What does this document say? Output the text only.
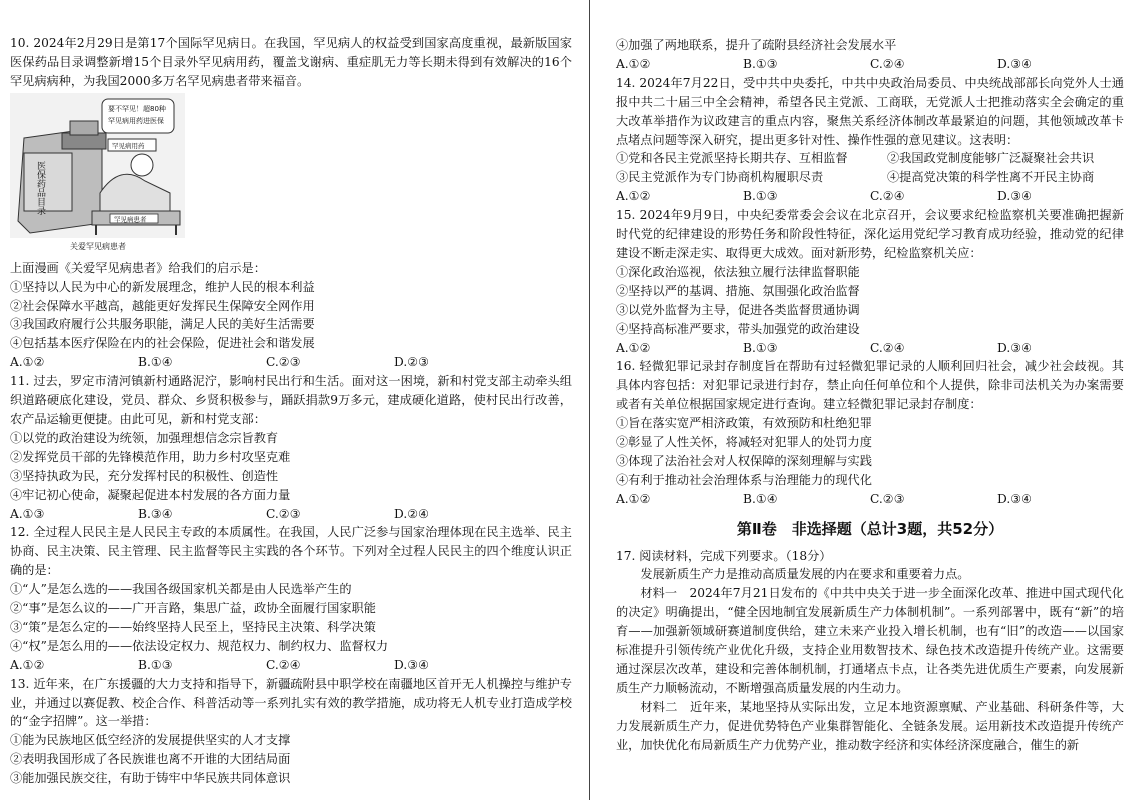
10. 2024年2月29日是第17个国际罕见病日。在我国，罕见病人的权益受到国家高度重视，最新版国家医保药品目录调整新增15个目录外罕见病用药，覆盖戈谢病、重症肌无力等长期未得到有效解决的16个罕见病病种，为我国2000多万名罕见病患者带来福音。

要不罕见！超80种
罕见病用药进医保
医保药品目录
罕见病用药
罕见病患者
关爱罕见病患者

上面漫画《关爱罕见病患者》给我们的启示是：

①坚持以人民为中心的新发展理念，维护人民的根本利益

②社会保障水平越高，越能更好发挥民生保障安全网作用

③我国政府履行公共服务职能，满足人民的美好生活需要

④包括基本医疗保险在内的社会保险，促进社会和谐发展

A.①②	B.①④	C.②③	D.②③

11. 过去，罗定市清河镇新村通路泥泞，影响村民出行和生活。面对这一困境，新和村党支部主动牵头组织道路硬底化建设，党员、群众、乡贤积极参与，踊跃捐款9万多元，建成硬化道路，使村民出行改善，农产品运输更便捷。由此可见，新和村党支部：

①以党的政治建设为统领，加强理想信念宗旨教育

②发挥党员干部的先锋模范作用，助力乡村攻坚克难

③坚持执政为民，充分发挥村民的积极性、创造性

④牢记初心使命，凝聚起促进本村发展的各方面力量

A.①③	B.③④	C.②③	D.②④

12. 全过程人民民主是人民民主专政的本质属性。在我国，人民广泛参与国家治理体现在民主选举、民主协商、民主决策、民主管理、民主监督等民主实践的各个环节。下列对全过程人民民主的四个维度认识正确的是：

①“人”是怎么选的——我国各级国家机关都是由人民选举产生的

②“事”是怎么议的——广开言路，集思广益，政协全面履行国家职能

③“策”是怎么定的——始终坚持人民至上，坚持民主决策、科学决策

④“权”是怎么用的——依法设定权力、规范权力、制约权力、监督权力

A.①②	B.①③	C.②④	D.③④

13. 近年来，在广东援疆的大力支持和指导下，新疆疏附县中职学校在南疆地区首开无人机操控与维护专业，并通过以赛促教、校企合作、科普活动等一系列扎实有效的教学措施，成功将无人机专业打造成学校的“金字招牌”。这一举措：

①能为民族地区低空经济的发展提供坚实的人才支撑

②表明我国形成了各民族谁也离不开谁的大团结局面

③能加强民族交往，有助于铸牢中华民族共同体意识

④加强了两地联系，提升了疏附县经济社会发展水平

A.①②	B.①③	C.②④	D.③④

14. 2024年7月22日，受中共中央委托，中共中央政治局委员、中央统战部部长向党外人士通报中共二十届三中全会精神，希望各民主党派、工商联，无党派人士把推动落实全会确定的重大改革举措作为议政建言的重点内容，聚焦关系经济体制改革最紧迫的问题，其他领域改革卡点堵点问题等深入研究，提出更多针对性、操作性强的意见建议。这表明：

①党和各民主党派坚持长期共存、互相监督	②我国政党制度能够广泛凝聚社会共识
③民主党派作为专门协商机构履职尽责	④提高党决策的科学性离不开民主协商
A.①②	B.①③	C.②④	D.③④

15. 2024年9月9日，中央纪委常委会会议在北京召开，会议要求纪检监察机关要准确把握新时代党的纪律建设的形势任务和阶段性特征，深化运用党纪学习教育成功经验，推动党的纪律建设不断走深走实、取得更大成效。面对新形势，纪检监察机关应：

①深化政治巡视，依法独立履行法律监督职能

②坚持以严的基调、措施、氛围强化政治监督

③以党外监督为主导，促进各类监督贯通协调

④坚持高标准严要求，带头加强党的政治建设

A.①②	B.①③	C.②④	D.③④

16. 轻微犯罪记录封存制度旨在帮助有过轻微犯罪记录的人顺利回归社会，减少社会歧视。其具体内容包括：对犯罪记录进行封存，禁止向任何单位和个人提供，除非司法机关为办案需要或者有关单位根据国家规定进行查询。建立轻微犯罪记录封存制度：

①旨在落实宽严相济政策，有效预防和杜绝犯罪

②彰显了人性关怀，将减轻对犯罪人的处罚力度

③体现了法治社会对人权保障的深刻理解与实践

④有利于推动社会治理体系与治理能力的现代化

A.①②	B.①④	C.②③	D.③④
第Ⅱ卷　非选择题（总计3题，共52分）

17. 阅读材料，完成下列要求。（18分）

发展新质生产力是推动高质量发展的内在要求和重要着力点。

材料一　2024年7月21日发布的《中共中央关于进一步全面深化改革、推进中国式现代化的决定》明确提出，“健全因地制宜发展新质生产力体制机制”。一系列部署中，既有“新”的培育——加强新领域研赛道制度供给，建立未来产业投入增长机制，也有“旧”的改造——以国家标准提升引领传统产业优化升级，支持企业用数智技术、绿色技术改造提升传统产业。这需要通过深层次改革，建设和完善体制机制，打通堵点卡点，让各类先进优质生产要素，向发展新质生产力顺畅流动，不断增强高质量发展的内生动力。

材料二　近年来，某地坚持从实际出发，立足本地资源禀赋、产业基础、科研条件等，大力发展新质生产力，促进优势特色产业集群智能化、全链条发展。运用新技术改造提升传统产业，加快优化布局新质生产力优势产业，推动数字经济和实体经济深度融合，催生的新
